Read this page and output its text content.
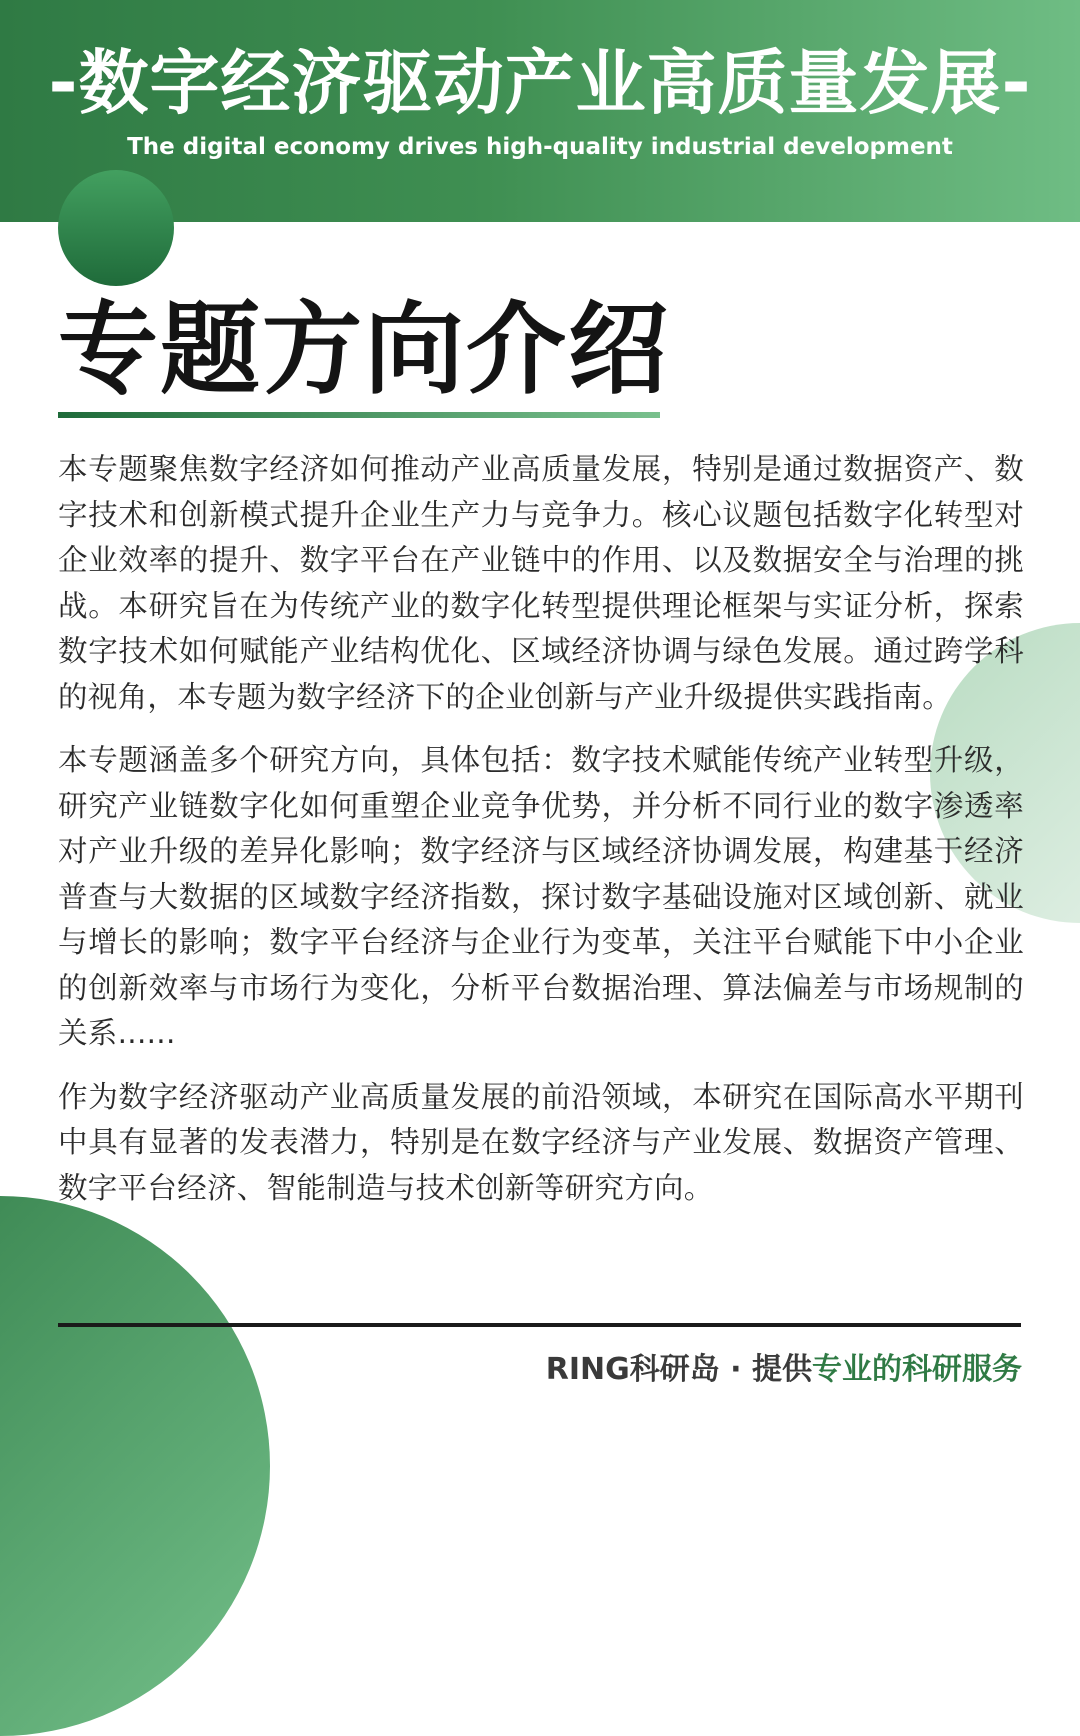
-数字经济驱动产业高质量发展-
The digital economy drives high-quality industrial development
专题方向介绍

本专题聚焦数字经济如何推动产业高质量发展，特别是通过数据资产、数字技术和创新模式提升企业生产力与竞争力。核心议题包括数字化转型对企业效率的提升、数字平台在产业链中的作用、以及数据安全与治理的挑战。本研究旨在为传统产业的数字化转型提供理论框架与实证分析，探索数字技术如何赋能产业结构优化、区域经济协调与绿色发展。通过跨学科的视角，本专题为数字经济下的企业创新与产业升级提供实践指南。

本专题涵盖多个研究方向，具体包括：数字技术赋能传统产业转型升级，研究产业链数字化如何重塑企业竞争优势，并分析不同行业的数字渗透率对产业升级的差异化影响；数字经济与区域经济协调发展，构建基于经济普查与大数据的区域数字经济指数，探讨数字基础设施对区域创新、就业与增长的影响；数字平台经济与企业行为变革，关注平台赋能下中小企业的创新效率与市场行为变化，分析平台数据治理、算法偏差与市场规制的关系......

作为数字经济驱动产业高质量发展的前沿领域，本研究在国际高水平期刊中具有显著的发表潜力，特别是在数字经济与产业发展、数据资产管理、数字平台经济、智能制造与技术创新等研究方向。

RING科研岛 · 提供专业的科研服务
